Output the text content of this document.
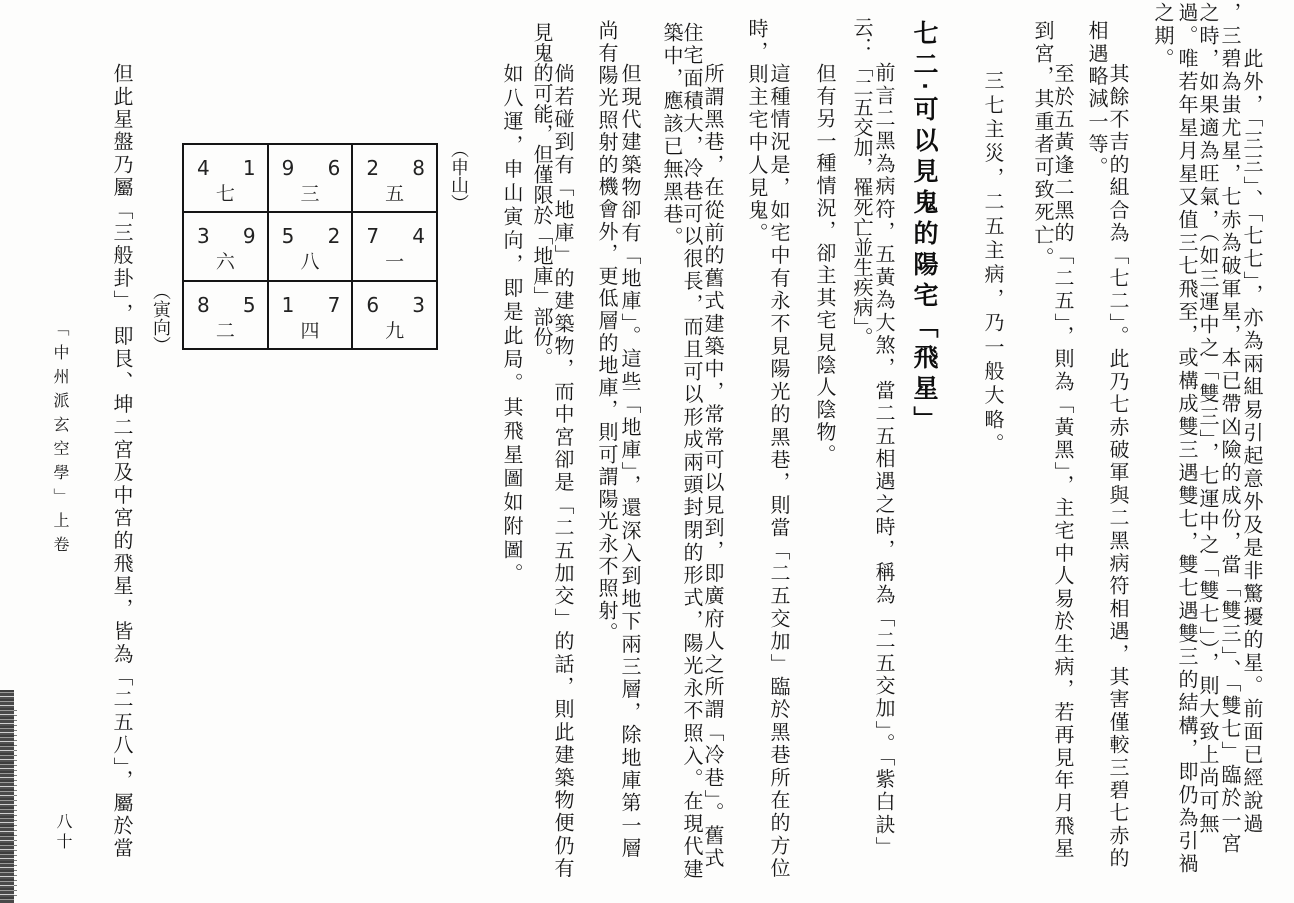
此外，「三三」、「七七」，亦為兩組易引起意外及是非驚擾的星。前面已經說過
，三碧為蚩尤星，七赤為破軍星，本已帶凶險的成份，當「雙三」、「雙七」臨於一宮
之時，如果適為旺氣，（如三運中之「雙三」，七運中之「雙七」），則大致上尚可無
過。唯若年星月星又值三七飛至，或構成雙三遇雙七，雙七遇雙三的結構，即仍為引禍
之期。
其餘不吉的組合為「七二」。此乃七赤破軍與二黑病符相遇，其害僅較三碧七赤的
相遇略減一等。
至於五黃逢二黑的「二五」，則為「黃黑」，主宅中人易於生病，若再見年月飛星
到宮，其重者可致死亡。
三七主災，二五主病，乃一般大略。
七二‧可以見鬼的陽宅「飛星」
前言二黑為病符，五黃為大煞，當二五相遇之時，稱為「二五交加」。「紫白訣」
云：「二五交加，罹死亡並生疾病」。
但有另一種情況，卻主其宅見陰人陰物。
這種情況是，如宅中有永不見陽光的黑巷，則當「二五交加」臨於黑巷所在的方位
時，則主宅中人見鬼。
所謂黑巷，在從前的舊式建築中，常常可以見到，即廣府人之所謂「冷巷」。舊式
住宅面積大，冷巷可以很長，而且可以形成兩頭封閉的形式，陽光永不照入。在現代建
築中，應該已無黑巷。
但現代建築物卻有「地庫」。這些「地庫」，還深入到地下兩三層，除地庫第一層
尚有陽光照射的機會外，更低層的地庫，則可謂陽光永不照射。
倘若碰到有「地庫」的建築物，而中宮卻是「二五加交」的話，則此建築物便仍有
見鬼的可能，但僅限於「地庫」部份。
如八運，申山寅向，即是此局。其飛星圖如附圖。
（申山）
4 1
七
9 6
三
2 8
五
3 9
六
5 2
八
7 4
一
8 5
二
1 7
四
6 3
九
（寅向）
但此星盤乃屬「三般卦」，即艮、坤二宮及中宮的飛星，皆為「二五八」，屬於當
「中州派玄空學」上卷
八十
